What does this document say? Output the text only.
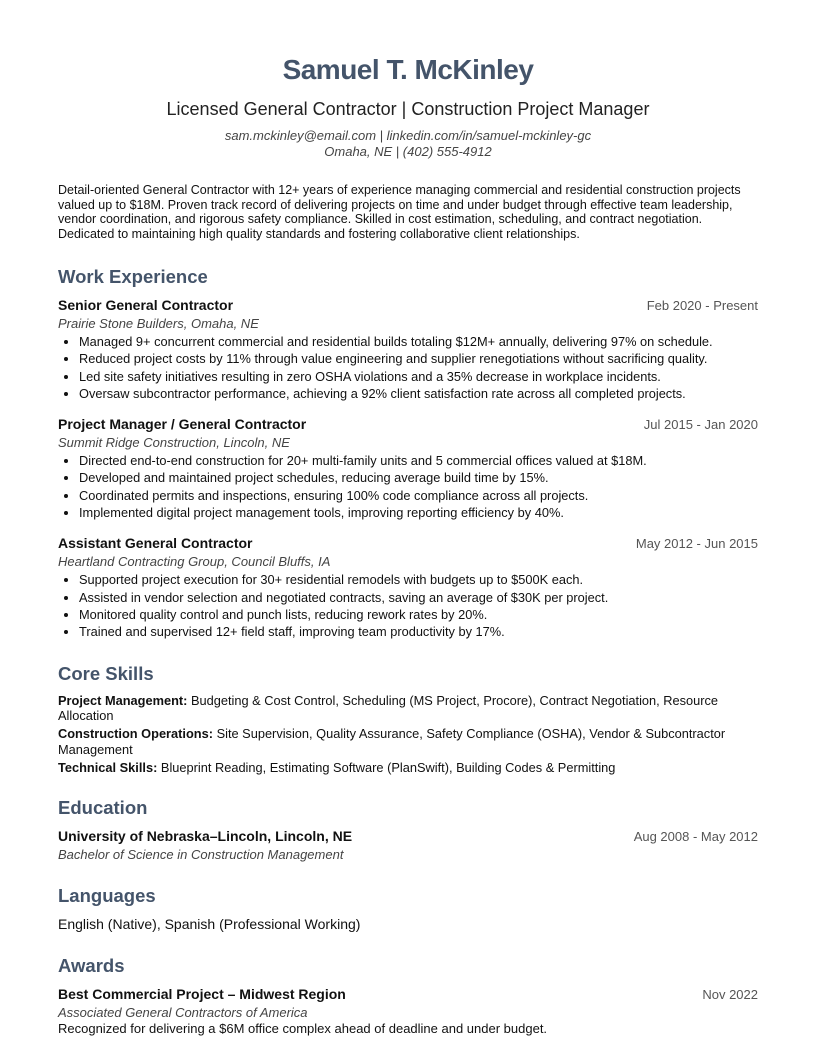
Samuel T. McKinley
Licensed General Contractor | Construction Project Manager
sam.mckinley@email.com | linkedin.com/in/samuel-mckinley-gc
Omaha, NE | (402) 555-4912
Detail-oriented General Contractor with 12+ years of experience managing commercial and residential construction projects valued up to $18M. Proven track record of delivering projects on time and under budget through effective team leadership, vendor coordination, and rigorous safety compliance. Skilled in cost estimation, scheduling, and contract negotiation. Dedicated to maintaining high quality standards and fostering collaborative client relationships.
Work Experience
Senior General Contractor	Feb 2020 - Present
Prairie Stone Builders, Omaha, NE
• Managed 9+ concurrent commercial and residential builds totaling $12M+ annually, delivering 97% on schedule.
• Reduced project costs by 11% through value engineering and supplier renegotiations without sacrificing quality.
• Led site safety initiatives resulting in zero OSHA violations and a 35% decrease in workplace incidents.
• Oversaw subcontractor performance, achieving a 92% client satisfaction rate across all completed projects.
Project Manager / General Contractor	Jul 2015 - Jan 2020
Summit Ridge Construction, Lincoln, NE
• Directed end-to-end construction for 20+ multi-family units and 5 commercial offices valued at $18M.
• Developed and maintained project schedules, reducing average build time by 15%.
• Coordinated permits and inspections, ensuring 100% code compliance across all projects.
• Implemented digital project management tools, improving reporting efficiency by 40%.
Assistant General Contractor	May 2012 - Jun 2015
Heartland Contracting Group, Council Bluffs, IA
• Supported project execution for 30+ residential remodels with budgets up to $500K each.
• Assisted in vendor selection and negotiated contracts, saving an average of $30K per project.
• Monitored quality control and punch lists, reducing rework rates by 20%.
• Trained and supervised 12+ field staff, improving team productivity by 17%.
Core Skills
Project Management: Budgeting & Cost Control, Scheduling (MS Project, Procore), Contract Negotiation, Resource Allocation
Construction Operations: Site Supervision, Quality Assurance, Safety Compliance (OSHA), Vendor & Subcontractor Management
Technical Skills: Blueprint Reading, Estimating Software (PlanSwift), Building Codes & Permitting
Education
University of Nebraska–Lincoln, Lincoln, NE	Aug 2008 - May 2012
Bachelor of Science in Construction Management
Languages
English (Native), Spanish (Professional Working)
Awards
Best Commercial Project – Midwest Region	Nov 2022
Associated General Contractors of America
Recognized for delivering a $6M office complex ahead of deadline and under budget.
